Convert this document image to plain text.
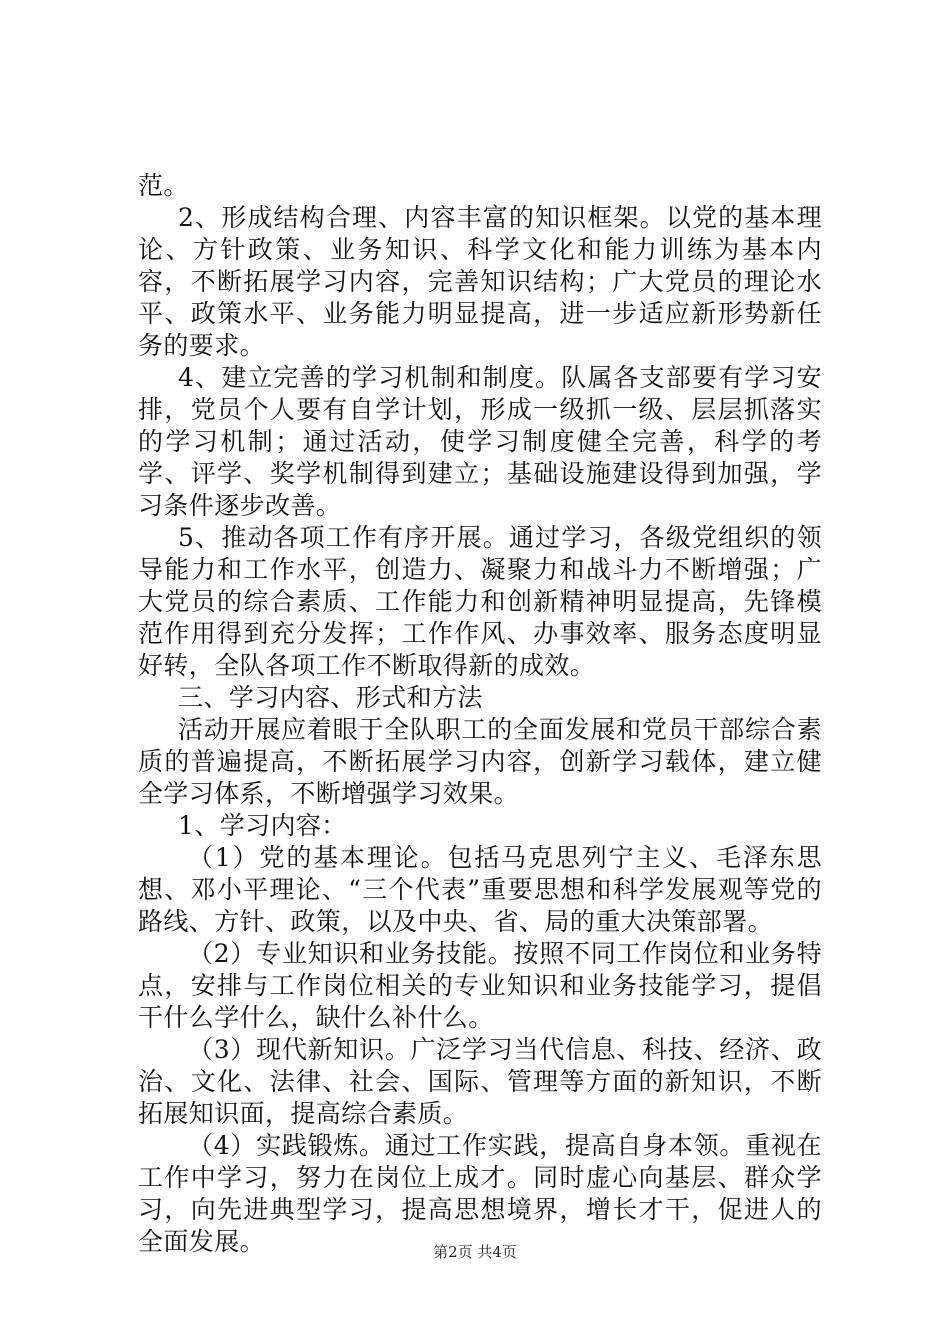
范。

2、形成结构合理、内容丰富的知识框架。以党的基本理论、方针政策、业务知识、科学文化和能力训练为基本内容，不断拓展学习内容，完善知识结构；广大党员的理论水平、政策水平、业务能力明显提高，进一步适应新形势新任务的要求。

4、建立完善的学习机制和制度。队属各支部要有学习安排，党员个人要有自学计划，形成一级抓一级、层层抓落实的学习机制；通过活动，使学习制度健全完善，科学的考学、评学、奖学机制得到建立；基础设施建设得到加强，学习条件逐步改善。

5、推动各项工作有序开展。通过学习，各级党组织的领导能力和工作水平，创造力、凝聚力和战斗力不断增强；广大党员的综合素质、工作能力和创新精神明显提高，先锋模范作用得到充分发挥；工作作风、办事效率、服务态度明显好转，全队各项工作不断取得新的成效。

三、学习内容、形式和方法

活动开展应着眼于全队职工的全面发展和党员干部综合素质的普遍提高，不断拓展学习内容，创新学习载体，建立健全学习体系，不断增强学习效果。

1、学习内容：

（1）党的基本理论。包括马克思列宁主义、毛泽东思想、邓小平理论、“三个代表”重要思想和科学发展观等党的路线、方针、政策，以及中央、省、局的重大决策部署。

（2）专业知识和业务技能。按照不同工作岗位和业务特点，安排与工作岗位相关的专业知识和业务技能学习，提倡干什么学什么，缺什么补什么。

（3）现代新知识。广泛学习当代信息、科技、经济、政治、文化、法律、社会、国际、管理等方面的新知识，不断拓展知识面，提高综合素质。

（4）实践锻炼。通过工作实践，提高自身本领。重视在工作中学习，努力在岗位上成才。同时虚心向基层、群众学习，向先进典型学习，提高思想境界，增长才干，促进人的全面发展。	第2页 共4页
